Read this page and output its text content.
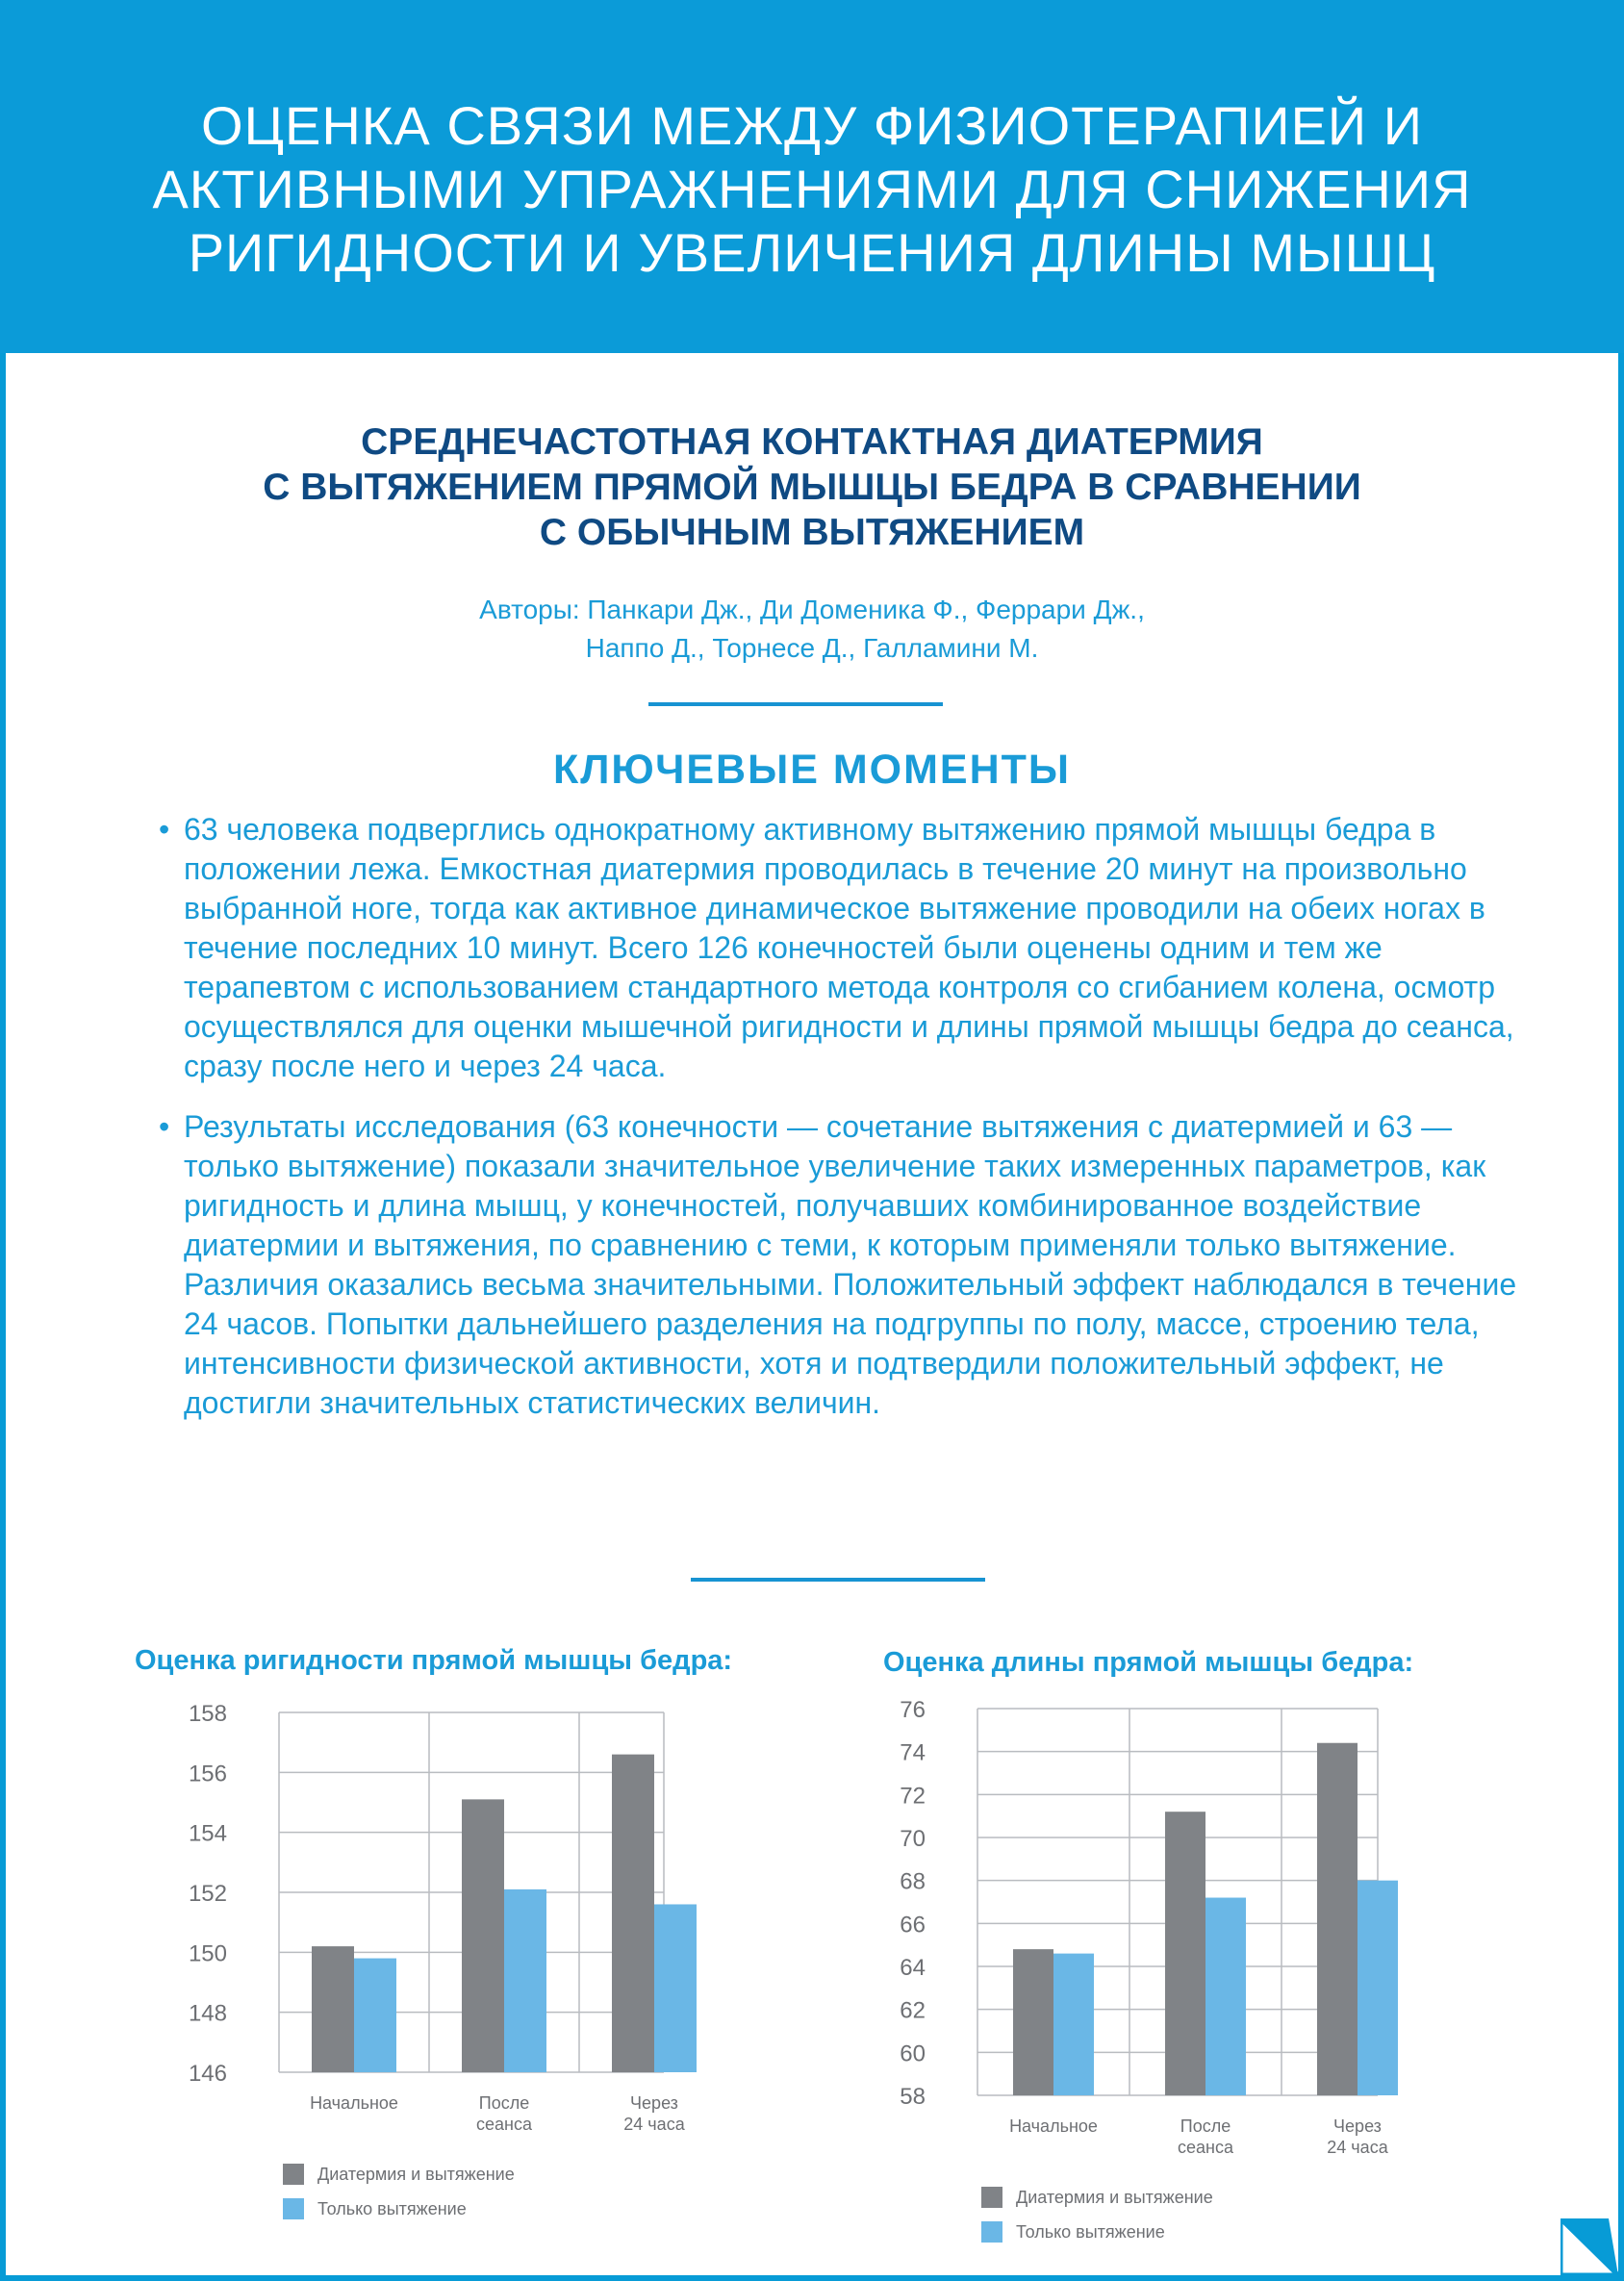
ОЦЕНКА СВЯЗИ МЕЖДУ ФИЗИОТЕРАПИЕЙ И
АКТИВНЫМИ УПРАЖНЕНИЯМИ ДЛЯ СНИЖЕНИЯ
РИГИДНОСТИ И УВЕЛИЧЕНИЯ ДЛИНЫ МЫШЦ
СРЕДНЕЧАСТОТНАЯ КОНТАКТНАЯ ДИАТЕРМИЯ
С ВЫТЯЖЕНИЕМ ПРЯМОЙ МЫШЦЫ БЕДРА В СРАВНЕНИИ
С ОБЫЧНЫМ ВЫТЯЖЕНИЕМ
Авторы: Панкари Дж., Ди Доменика Ф., Феррари Дж.,
Наппо Д., Торнесе Д., Галламини М.
КЛЮЧЕВЫЕ МОМЕНТЫ
• 63 человека подверглись однократному активному вытяжению прямой мышцы бедра в положении лежа. Емкостная диатермия проводилась в течение 20 минут на произвольно выбранной ноге, тогда как активное динамическое вытяжение проводили на обеих ногах в течение последних 10 минут. Всего 126 конечностей были оценены одним и тем же терапевтом с использованием стандартного метода контроля со сгибанием колена, осмотр осуществлялся для оценки мышечной ригидности и длины прямой мышцы бедра до сеанса, сразу после него и через 24 часа.
• Результаты исследования (63 конечности — сочетание вытяжения с диатермией и 63 — только вытяжение) показали значительное увеличение таких измеренных параметров, как ригидность и длина мышц, у конечностей, получавших комбинированное воздействие диатермии и вытяжения, по сравнению с теми, к которым применяли только вытяжение. Различия оказались весьма значительными. Положительный эффект наблюдался в течение 24 часов. Попытки дальнейшего разделения на подгруппы по полу, массе, строению тела, интенсивности физической активности, хотя и подтвердили положительный эффект, не достигли значительных статистических величин.
Оценка ригидности прямой мышцы бедра:	Оценка длины прямой мышцы бедра:
158
156
154
152
150
148
146
Начальное	После
сеанса
Через
24 часа
Диатермия и вытяжение
Только вытяжение
76
74
72
70
68
66
64
62
60
58
Начальное	После
сеанса
Через
24 часа
Диатермия и вытяжение
Только вытяжение
